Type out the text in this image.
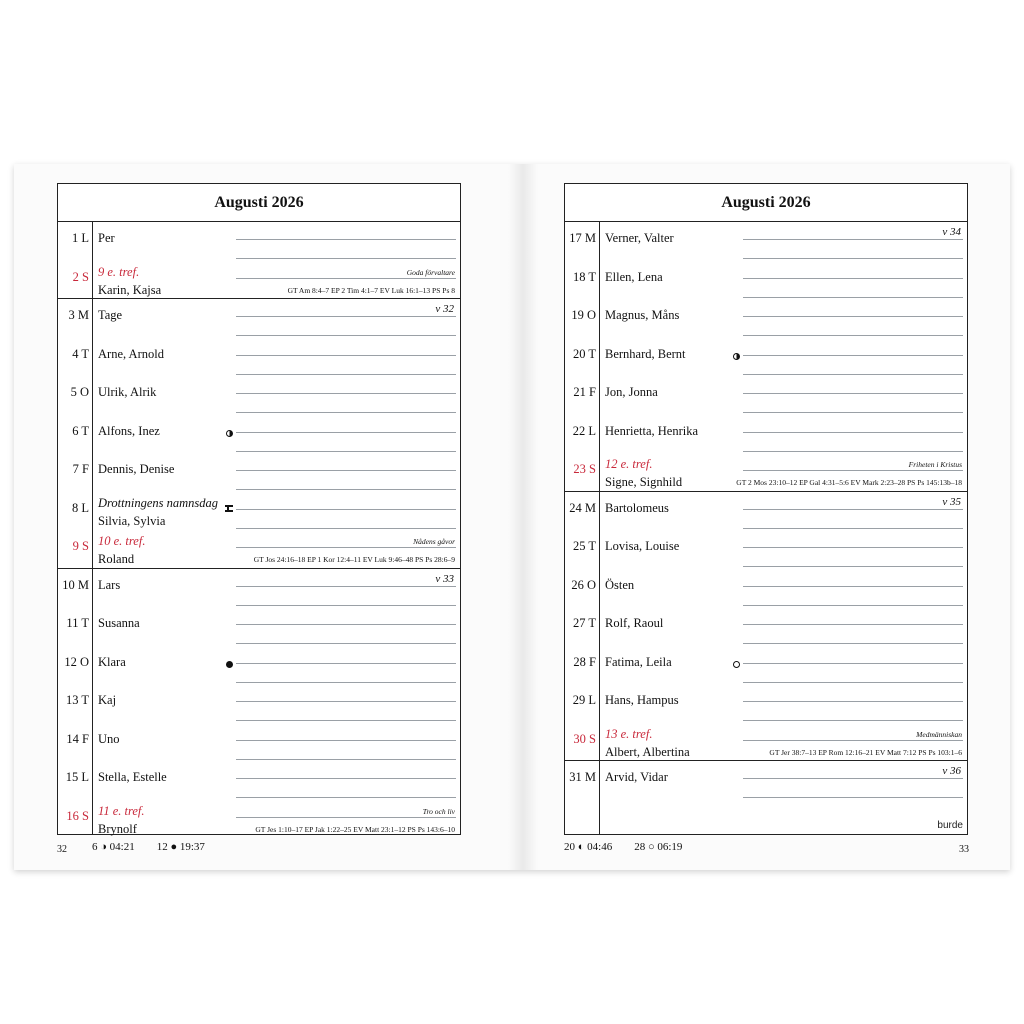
Augusti 2026
1 L Per
2 S 9 e. tref.
Karin, Kajsa
Goda förvaltare
GT Am 8:4–7 EP 2 Tim 4:1–7 EV Luk 16:1–13 PS Ps 8
3 M Tage	v 32
4 T Arne, Arnold
5 O Ulrik, Alrik
6 T Alfons, Inez
7 F Dennis, Denise
8 L Drottningens namnsdag
Silvia, Sylvia
9 S 10 e. tref.
Roland
Nådens gåvor
GT Jos 24:16–18 EP 1 Kor 12:4–11 EV Luk 9:46–48 PS Ps 28:6–9
10 M Lars	v 33
11 T Susanna
12 O Klara
13 T Kaj
14 F Uno
15 L Stella, Estelle
16 S 11 e. tref.
Brynolf
Tro och liv
GT Jes 1:10–17 EP Jak 1:22–25 EV Matt 23:1–12 PS Ps 143:6–10
32 6 ◑ 04:21 12 ● 19:37
Augusti 2026
17 M Verner, Valter	v 34
18 T Ellen, Lena
19 O Magnus, Måns
20 T Bernhard, Bernt
21 F Jon, Jonna
22 L Henrietta, Henrika
23 S 12 e. tref.
Signe, Signhild
Friheten i Kristus
GT 2 Mos 23:10–12 EP Gal 4:31–5:6 EV Mark 2:23–28 PS Ps 145:13b–18
24 M Bartolomeus	v 35
25 T Lovisa, Louise
26 O Östen
27 T Rolf, Raoul
28 F Fatima, Leila
29 L Hans, Hampus
30 S 13 e. tref.
Albert, Albertina
Medmänniskan
GT Jer 38:7–13 EP Rom 12:16–21 EV Matt 7:12 PS Ps 103:1–6
31 M Arvid, Vidar	v 36
burde
20 ◐ 04:46 28 ○ 06:19	33
